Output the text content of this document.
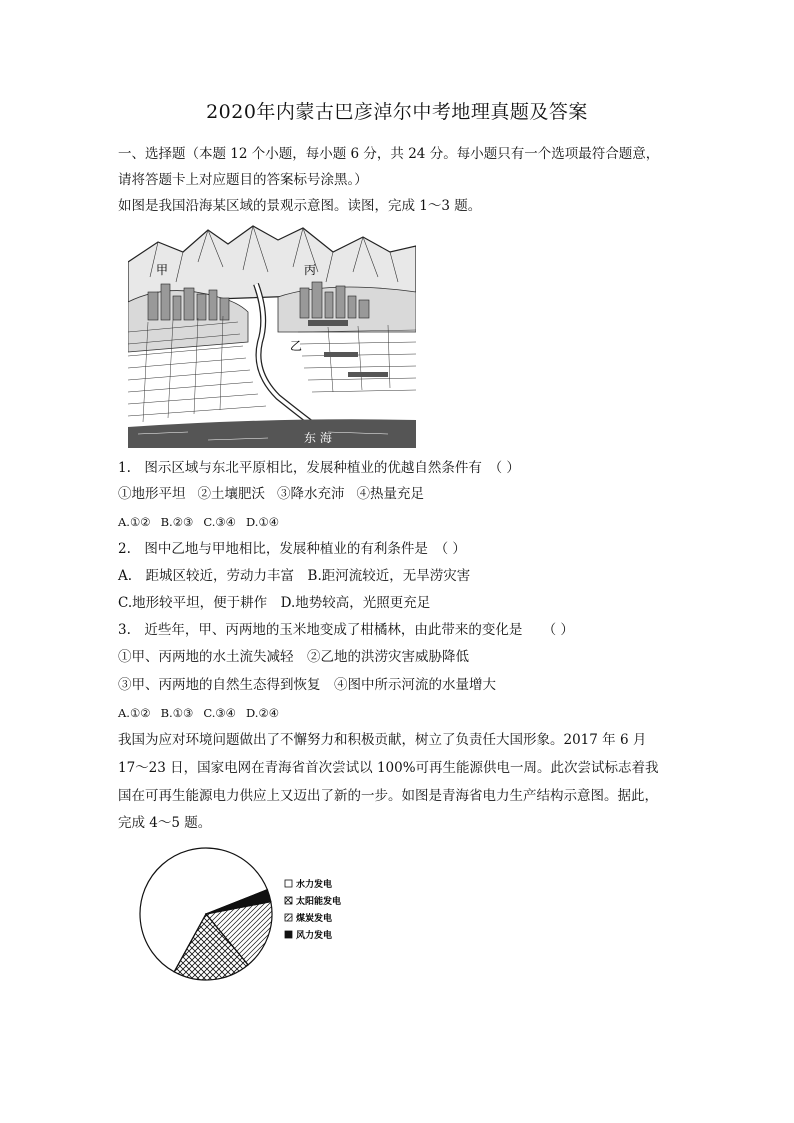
2020年内蒙古巴彦淖尔中考地理真题及答案
一、选择题（本题 12 个小题，每小题 6 分，共 24 分。每小题只有一个选项最符合题意，
请将答题卡上对应题目的答案标号涂黑。）
如图是我国沿海某区域的景观示意图。读图，完成 1～3 题。
甲	丙
乙
东 海
1.　图示区域与东北平原相比，发展种植业的优越自然条件有　（ ）
①地形平坦 ②土壤肥沃 ③降水充沛 ④热量充足
A.①② B.②③ C.③④ D.①④
2.　图中乙地与甲地相比，发展种植业的有利条件是　（ ）
A.　距城区较近，劳动力丰富　B.距河流较近，无旱涝灾害
C.地形较平坦，便于耕作　D.地势较高，光照更充足
3.　近些年，甲、丙两地的玉米地变成了柑橘林，由此带来的变化是　　（ ）
①甲、丙两地的水土流失减轻　②乙地的洪涝灾害威胁降低
③甲、丙两地的自然生态得到恢复　④图中所示河流的水量增大
A.①② B.①③ C.③④ D.②④
我国为应对环境问题做出了不懈努力和积极贡献，树立了负责任大国形象。2017 年 6 月
17～23 日，国家电网在青海省首次尝试以 100%可再生能源供电一周。此次尝试标志着我
国在可再生能源电力供应上又迈出了新的一步。如图是青海省电力生产结构示意图。据此，
完成 4～5 题。
水力发电
太阳能发电
煤炭发电
风力发电
